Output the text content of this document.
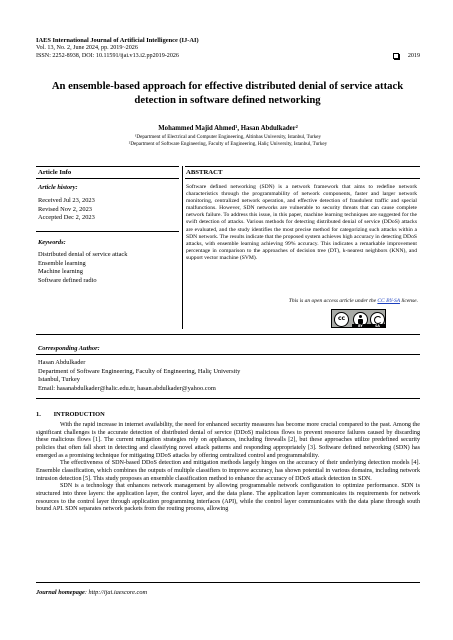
IAES International Journal of Artificial Intelligence (IJ-AI)
Vol. 13, No. 2, June 2024, pp. 2019~2026
ISSN: 2252-8938, DOI: 10.11591/ijai.v13.i2.pp2019-2026	2019
An ensemble-based approach for effective distributed denial of service attack detection in software defined networking
Mohammed Majid Ahmed¹, Hasan Abdulkader²
¹Department of Electrical and Computer Engineering, Altinbas University, Istanbul, Turkey
²Department of Software Engineering, Faculty of Engineering, Haliç University, Istanbul, Turkey
Article Info	ABSTRACT
Article history:
Received Jul 23, 2023
Revised Nov 2, 2023
Accepted Dec 2, 2023
Keywords:
Distributed denial of service attack
Ensemble learning
Machine learning
Software defined radio
Software defined networking (SDN) is a network framework that aims to redefine network characteristics through the programmability of network components, faster and larger network monitoring, centralized network operation, and effective detection of fraudulent traffic and special malfunctions. However, SDN networks are vulnerable to security threats that can cause complete network failure. To address this issue, in this paper, machine learning techniques are suggested for the swift detection of attacks. Various methods for detecting distributed denial of service (DDoS) attacks are evaluated, and the study identifies the most precise method for categorizing such attacks within a SDN network. The results indicate that the proposed system achieves high accuracy in detecting DDoS attacks, with ensemble learning achieving 99% accuracy. This indicates a remarkable improvement percentage in comparison to the approaches of decision tree (DT), k-nearest neighbors (KNN), and support vector machine (SVM).
This is an open access article under the CC BY-SA license.
cc
BY	SA
Corresponding Author:
Hasan Abdulkader
Department of Software Engineering, Faculty of Engineering, Haliç University
Istanbul, Turkey
Email: hasanabdulkader@halic.edu.tr, hasan.abdulkader@yahoo.com
1.  INTRODUCTION

With the rapid increase in internet availability, the need for enhanced security measures has become more crucial compared to the past. Among the significant challenges is the accurate detection of distributed denial of service (DDoS) malicious flows to prevent resource failures caused by discarding these malicious flows [1]. The current mitigation strategies rely on appliances, including firewalls [2], but these approaches utilize predefined security policies that often fall short in detecting and classifying novel attack patterns and responding appropriately [3]. Software defined networking (SDN) has emerged as a promising technique for mitigating DDoS attacks by offering centralized control and programmability.

The effectiveness of SDN-based DDoS detection and mitigation methods largely hinges on the accuracy of their underlying detection models [4]. Ensemble classification, which combines the outputs of multiple classifiers to improve accuracy, has shown potential in various domains, including network intrusion detection [5]. This study proposes an ensemble classification method to enhance the accuracy of DDoS attack detection in SDN.

SDN is a technology that enhances network management by allowing programmable network configuration to optimize performance. SDN is structured into three layers: the application layer, the control layer, and the data plane. The application layer communicates its requirements for network resources to the control layer through application programming interfaces (API), while the control layer communicates with the data plane through south bound API. SDN separates network packets from the routing process, allowing

Journal homepage: http://ijai.iaescore.com
